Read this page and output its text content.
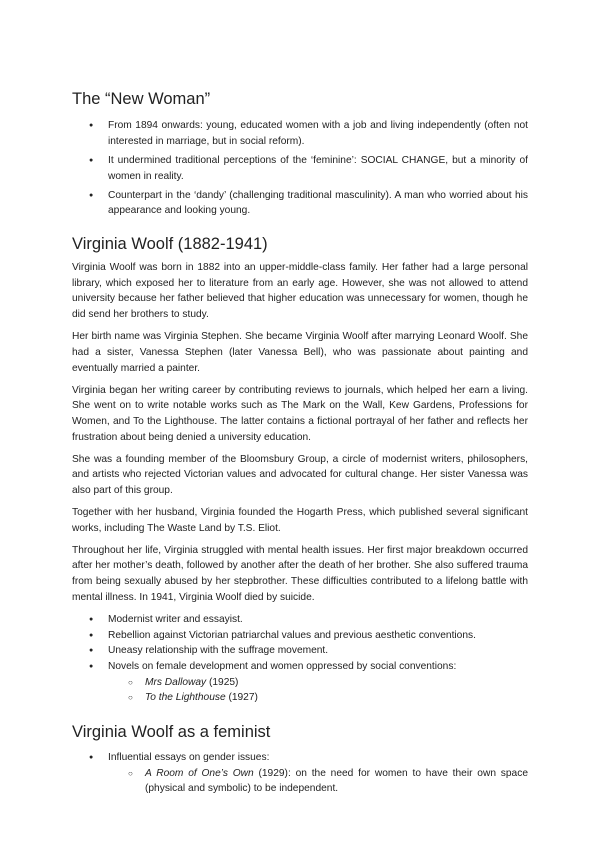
The “New Woman”
● From 1894 onwards: young, educated women with a job and living independently (often not interested in marriage, but in social reform).
● It undermined traditional perceptions of the ‘feminine’: SOCIAL CHANGE, but a minority of women in reality.
● Counterpart in the ‘dandy’ (challenging traditional masculinity). A man who worried about his appearance and looking young.
Virginia Woolf (1882-1941)

Virginia Woolf was born in 1882 into an upper-middle-class family. Her father had a large personal library, which exposed her to literature from an early age. However, she was not allowed to attend university because her father believed that higher education was unnecessary for women, though he did send her brothers to study.

Her birth name was Virginia Stephen. She became Virginia Woolf after marrying Leonard Woolf. She had a sister, Vanessa Stephen (later Vanessa Bell), who was passionate about painting and eventually married a painter.

Virginia began her writing career by contributing reviews to journals, which helped her earn a living. She went on to write notable works such as The Mark on the Wall, Kew Gardens, Professions for Women, and To the Lighthouse. The latter contains a fictional portrayal of her father and reflects her frustration about being denied a university education.

She was a founding member of the Bloomsbury Group, a circle of modernist writers, philosophers, and artists who rejected Victorian values and advocated for cultural change. Her sister Vanessa was also part of this group.

Together with her husband, Virginia founded the Hogarth Press, which published several significant works, including The Waste Land by T.S. Eliot.

Throughout her life, Virginia struggled with mental health issues. Her first major breakdown occurred after her mother’s death, followed by another after the death of her brother. She also suffered trauma from being sexually abused by her stepbrother. These difficulties contributed to a lifelong battle with mental illness. In 1941, Virginia Woolf died by suicide.

● Modernist writer and essayist.
● Rebellion against Victorian patriarchal values and previous aesthetic conventions.
● Uneasy relationship with the suffrage movement.
● Novels on female development and women oppressed by social conventions:
○ Mrs Dalloway (1925)
○ To the Lighthouse (1927)
Virginia Woolf as a feminist
● Influential essays on gender issues:
○ A Room of One’s Own (1929): on the need for women to have their own space (physical and symbolic) to be independent.
